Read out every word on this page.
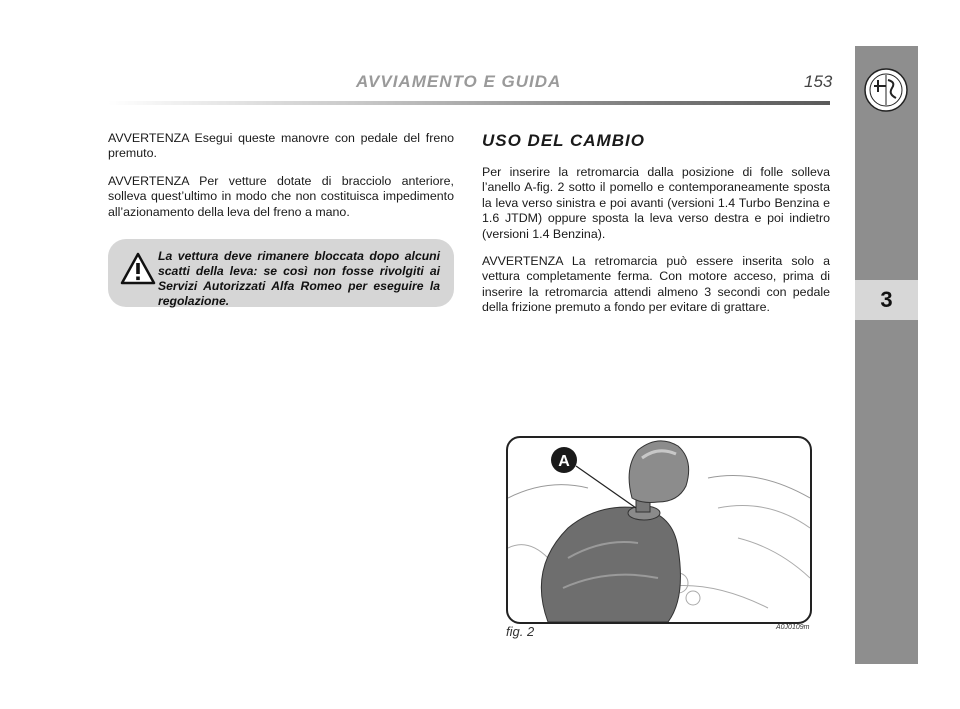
AVVIAMENTO E GUIDA	153
3

AVVERTENZA Esegui queste manovre con pedale del freno premuto.

AVVERTENZA Per vetture dotate di bracciolo anteriore, solleva quest’ultimo in modo che non costituisca impedimento all’azionamento della leva del freno a mano.

La vettura deve rimanere bloccata dopo alcuni scatti della leva: se così non fosse rivolgiti ai Servizi Autorizzati Alfa Romeo per eseguire la regolazione.
USO DEL CAMBIO

Per inserire la retromarcia dalla posizione di folle solleva l’anello A-fig. 2 sotto il pomello e contemporaneamente sposta la leva verso sinistra e poi avanti (versioni 1.4 Turbo Benzina e 1.6 JTDM) oppure sposta la leva verso destra e poi indietro (versioni 1.4 Benzina).

AVVERTENZA La retromarcia può essere inserita solo a vettura completamente ferma. Con motore acceso, prima di inserire la retromarcia attendi almeno 3 secondi con pedale della frizione premuto a fondo per evitare di grattare.

A
fig. 2	A0J0109m
